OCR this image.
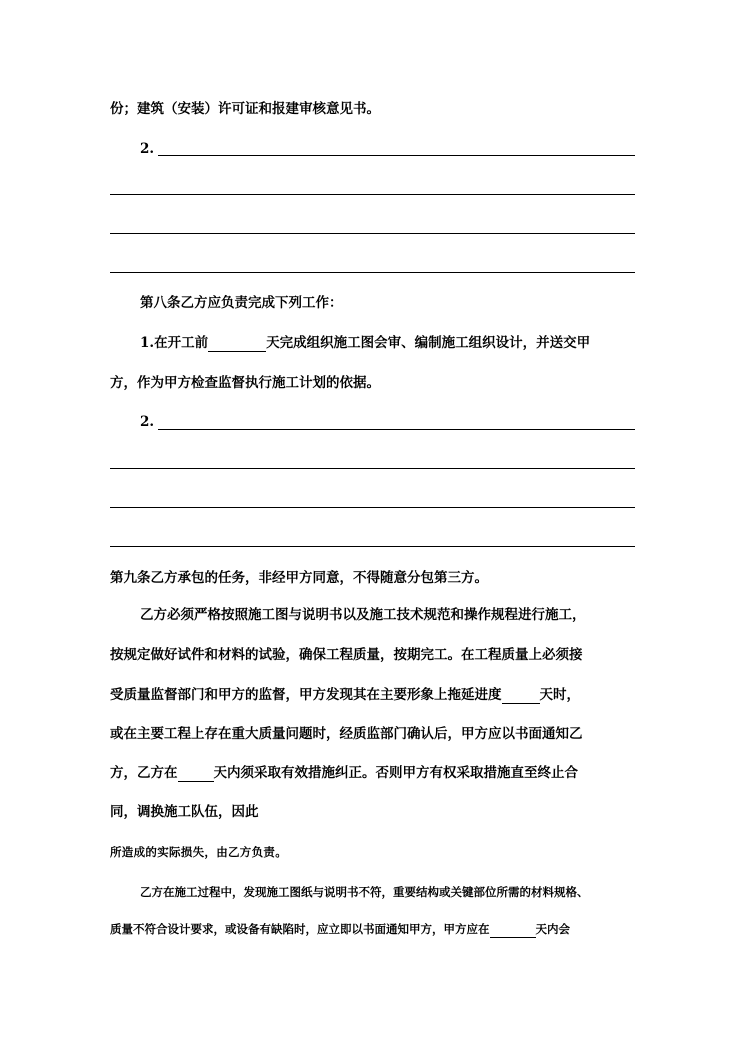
份；建筑（安装）许可证和报建审核意见书。
2.
第八条乙方应负责完成下列工作：
1.在开工前	天完成组织施工图会审、编制施工组织设计，并送交甲
方，作为甲方检查监督执行施工计划的依据。
2.
第九条乙方承包的任务，非经甲方同意，不得随意分包第三方。
乙方必须严格按照施工图与说明书以及施工技术规范和操作规程进行施工，
按规定做好试件和材料的试验，确保工程质量，按期完工。在工程质量上必须接
受质量监督部门和甲方的监督，甲方发现其在主要形象上拖延进度	天时，
或在主要工程上存在重大质量问题时，经质监部门确认后，甲方应以书面通知乙
方，乙方在	天内须采取有效措施纠正。否则甲方有权采取措施直至终止合
同，调换施工队伍，因此
所造成的实际损失，由乙方负责。
乙方在施工过程中，发现施工图纸与说明书不符，重要结构或关键部位所需的材料规格、
质量不符合设计要求，或设备有缺陷时，应立即以书面通知甲方，甲方应在	天内会
